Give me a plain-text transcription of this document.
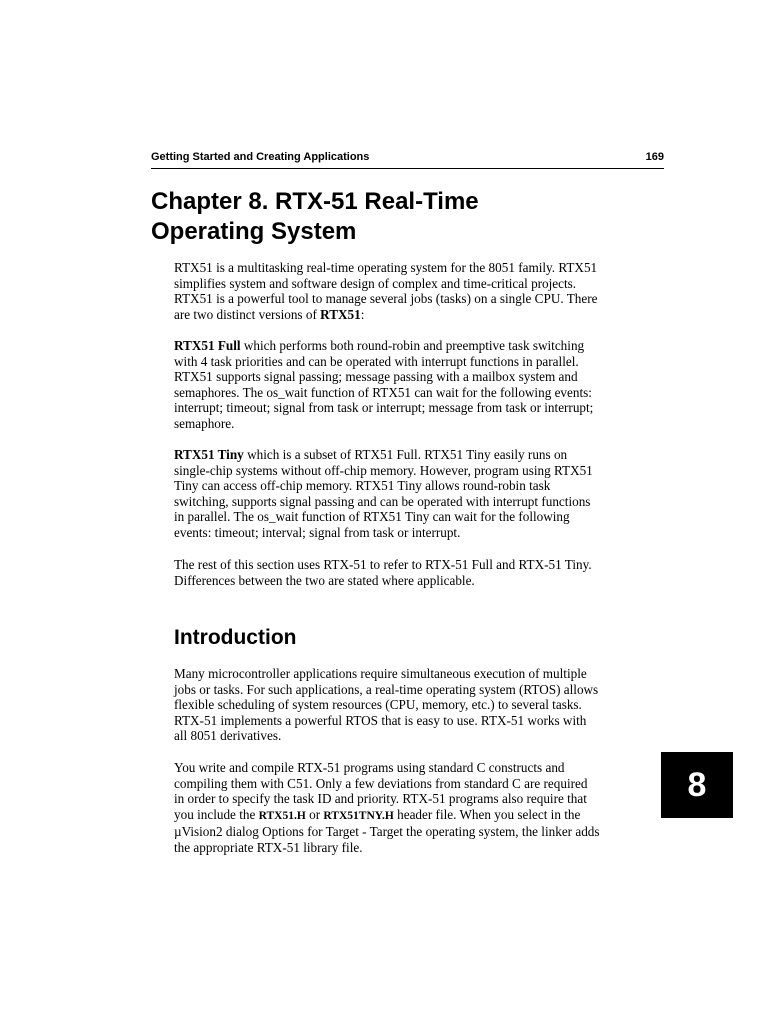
Getting Started and Creating Applications	169
Chapter 8. RTX-51 Real-Time
Operating System

RTX51 is a multitasking real-time operating system for the 8051 family. RTX51
simplifies system and software design of complex and time-critical projects.
RTX51 is a powerful tool to manage several jobs (tasks) on a single CPU. There
are two distinct versions of RTX51:

RTX51 Full which performs both round-robin and preemptive task switching
with 4 task priorities and can be operated with interrupt functions in parallel.
RTX51 supports signal passing; message passing with a mailbox system and
semaphores. The os_wait function of RTX51 can wait for the following events:
interrupt; timeout; signal from task or interrupt; message from task or interrupt;
semaphore.

RTX51 Tiny which is a subset of RTX51 Full. RTX51 Tiny easily runs on
single-chip systems without off-chip memory. However, program using RTX51
Tiny can access off-chip memory. RTX51 Tiny allows round-robin task
switching, supports signal passing and can be operated with interrupt functions
in parallel. The os_wait function of RTX51 Tiny can wait for the following
events: timeout; interval; signal from task or interrupt.

The rest of this section uses RTX-51 to refer to RTX-51 Full and RTX-51 Tiny.
Differences between the two are stated where applicable.

Introduction

Many microcontroller applications require simultaneous execution of multiple
jobs or tasks. For such applications, a real-time operating system (RTOS) allows
flexible scheduling of system resources (CPU, memory, etc.) to several tasks.
RTX-51 implements a powerful RTOS that is easy to use. RTX-51 works with
all 8051 derivatives.

You write and compile RTX-51 programs using standard C constructs and
compiling them with C51. Only a few deviations from standard C are required
in order to specify the task ID and priority. RTX-51 programs also require that
you include the RTX51.H or RTX51TNY.H header file. When you select in the
µVision2 dialog Options for Target - Target the operating system, the linker adds
the appropriate RTX-51 library file.

8
